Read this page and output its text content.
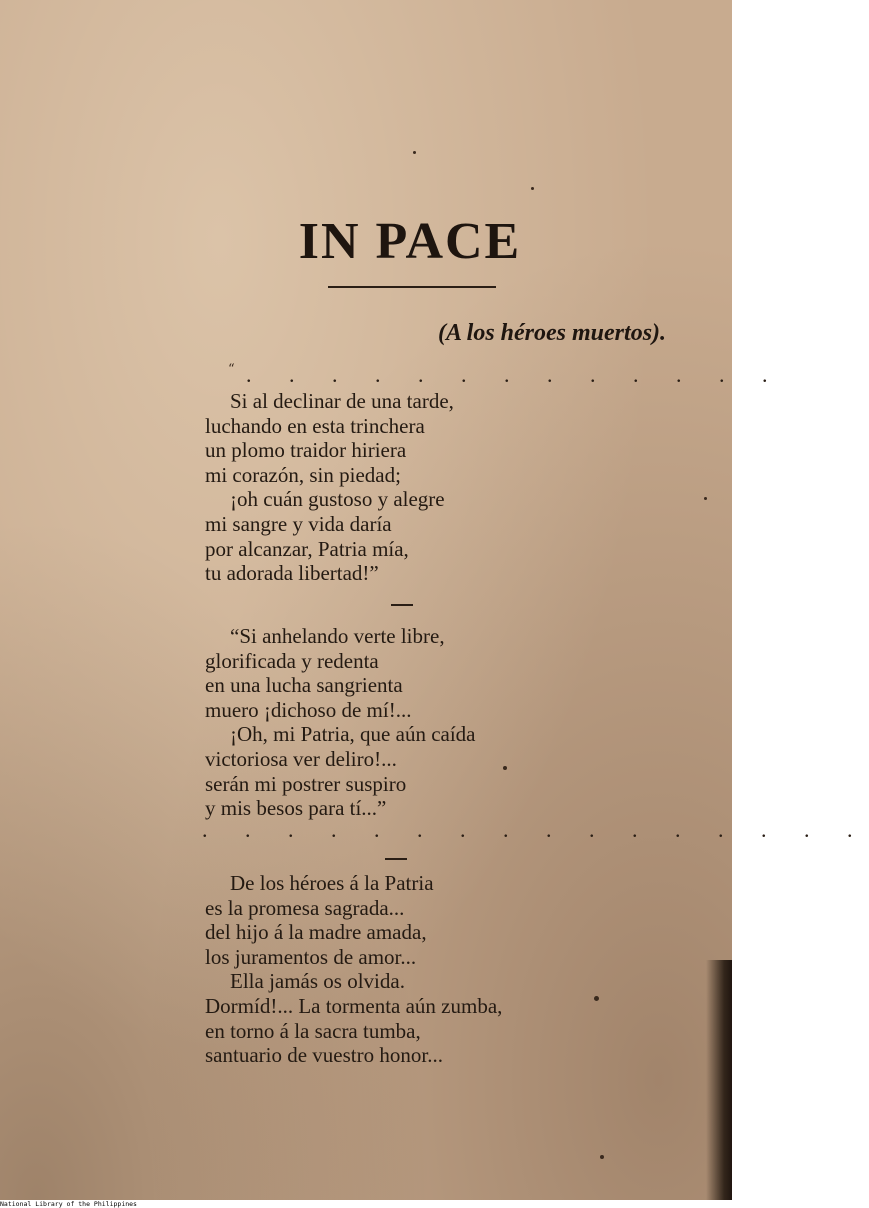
IN PACE
(A los héroes muertos).
“ . . . . . . . . . . . . .
Si al declinar de una tarde,
luchando en esta trinchera
un plomo traidor hiriera
mi corazón, sin piedad;
¡oh cuán gustoso y alegre
mi sangre y vida daría
por alcanzar, Patria mía,
tu adorada libertad!”
“Si anhelando verte libre,
glorificada y redenta
en una lucha sangrienta
muero ¡dichoso de mí!...
¡Oh, mi Patria, que aún caída
victoriosa ver deliro!...
serán mi postrer suspiro
y mis besos para tí...”
. . . . . . . . . . . . . . . .
De los héroes á la Patria
es la promesa sagrada...
del hijo á la madre amada,
los juramentos de amor...
Ella jamás os olvida.
Dormíd!... La tormenta aún zumba,
en torno á la sacra tumba,
santuario de vuestro honor...
National Library of the Philippines
